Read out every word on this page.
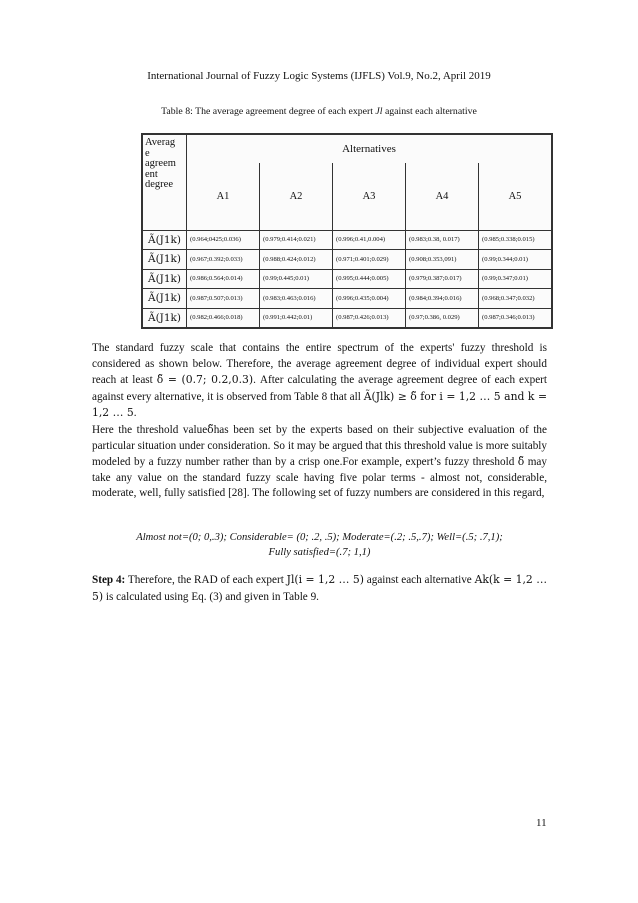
International Journal of Fuzzy Logic Systems (IJFLS) Vol.9, No.2, April 2019
Table 8: The average agreement degree of each expert Jl against each alternative
Averag
e
agreem
ent
degree	Alternatives				
	A1	A2	A3	A4	A5
Ã(J1k)	(0.964;0425;0.036)	(0.979;0.414;0.021)	(0.996;0.41,0.004)	(0.983;0.38, 0.017)	(0.985;0.338;0.015)
Ã(J1k)	(0.967;0.392;0.033)	(0.988;0.424;0.012)	(0.971;0.401;0.029)	(0.908;0.353,091)	(0.99;0.344;0.01)
Ã(J1k)	(0.986;0.564;0.014)	(0.99;0.445;0.01)	(0.995;0.444;0.005)	(0.979;0.387;0.017)	(0.99;0.347;0.01)
Ã(J1k)	(0.987;0.507;0.013)	(0.983;0.463;0.016)	(0.996;0.435;0.004)	(0.984;0.394;0.016)	(0.968;0.347;0.032)
Ã(J1k)	(0.982;0.466;0.018)	(0.991;0.442;0.01)	(0.987;0.426;0.013)	(0.97;0.386, 0.029)	(0.987;0.346;0.013)

The standard fuzzy scale that contains the entire spectrum of the experts' fuzzy threshold is considered as shown below. Therefore, the average agreement degree of individual expert should reach at least δ̃ = (0.7; 0.2,0.3). After calculating the average agreement degree of each expert against every alternative, it is observed from Table 8 that all Ã(Jlk) ≥ δ̃ for i = 1,2 … 5 and k = 1,2 … 5.

Here the threshold valueδ̃has been set by the experts based on their subjective evaluation of the particular situation under consideration. So it may be argued that this threshold value is more suitably modeled by a fuzzy number rather than by a crisp one.For example, expert’s fuzzy threshold δ̃ may take any value on the standard fuzzy scale having five polar terms - almost not, considerable, moderate, well, fully satisfied [28]. The following set of fuzzy numbers are considered in this regard,

Almost not=(0; 0,.3); Considerable= (0; .2, .5); Moderate=(.2; .5,.7); Well=(.5; .7,1);
Fully satisfied=(.7; 1,1)

Step 4: Therefore, the RAD of each expert Jl(i = 1,2 … 5) against each alternative Ak(k = 1,2 … 5) is calculated using Eq. (3) and given in Table 9.

11
